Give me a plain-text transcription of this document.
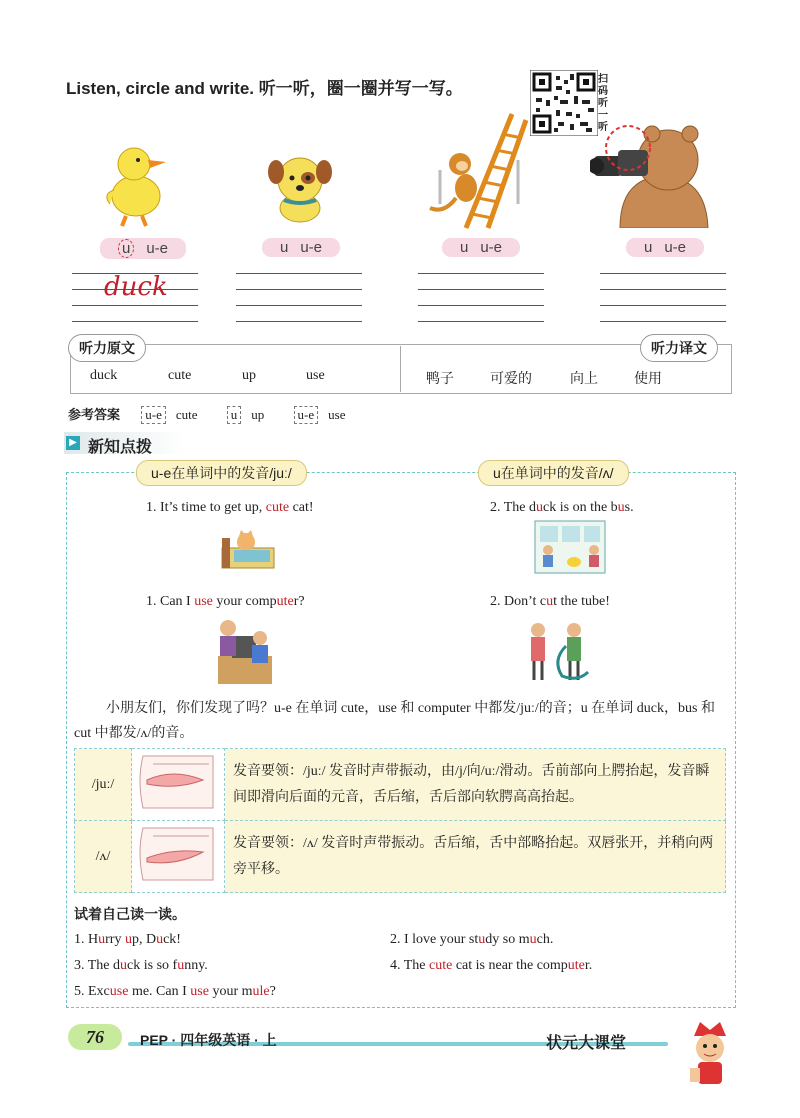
Listen, circle and write. 听一听，圈一圈并写一写。	扫码听一听
u u-e	u u-e	u u-e	u u-e
duck
听力原文	听力译文
duck	cute	up	use	鸭子	可爱的	向上	使用
参考答案 u-e cute	u up	u-e use
▶ 新知点拨
u-e在单词中的发音/juː/	u在单词中的发音/ʌ/
1. It’s time to get up, cute cat!	2. The duck is on the bus.
1. Can I use your computer?	2. Don’t cut the tube!
小朋友们，你们发现了吗？u-e 在单词 cute，use 和 computer 中都发/juː/的音；u 在单词 duck，bus 和 cut 中都发/ʌ/的音。
/juː/		发音要领：/juː/ 发音时声带振动，由/j/向/uː/滑动。舌前部向上腭抬起，发音瞬间即滑向后面的元音，舌后缩，舌后部向软腭高高抬起。
/ʌ/		发音要领：/ʌ/ 发音时声带振动。舌后缩，舌中部略抬起。双唇张开，并稍向两旁平移。
试着自己读一读。
1. Hurry up, Duck!	2. I love your study so much.
3. The duck is so funny.	4. The cute cat is near the computer.
5. Excuse me. Can I use your mule?
76	PEP · 四年级英语 · 上	状元大课堂
